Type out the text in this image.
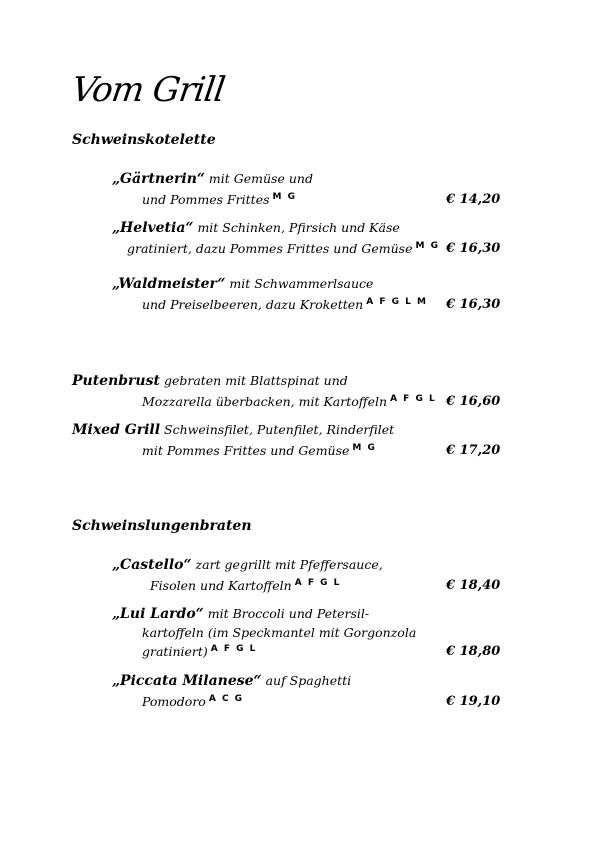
Vom Grill
Schweinskotelette
„Gärtnerin“ mit Gemüse und
und Pommes Frittes $^{M G}$	€ 14,20
„Helvetia“ mit Schinken, Pfirsich und Käse
gratiniert, dazu Pommes Frittes und Gemüse $^{M G}$ € 16,30
„Waldmeister“ mit Schwammerlsauce
und Preiselbeeren, dazu Kroketten $^{A F G L M}$ € 16,30
Putenbrust gebraten mit Blattspinat und
Mozzarella überbacken, mit Kartoffeln $^{A F G L}$ € 16,60
Mixed Grill Schweinsfilet, Putenfilet, Rinderfilet
mit Pommes Frittes und Gemüse $^{M G}$	€ 17,20
Schweinslungenbraten
„Castello“ zart gegrillt mit Pfeffersauce,
Fisolen und Kartoffeln $^{A F G L}$	€ 18,40
„Lui Lardo“ mit Broccoli und Petersil-
kartoffeln (im Speckmantel mit Gorgonzola
gratiniert) $^{A F G L}$	€ 18,80
„Piccata Milanese“ auf Spaghetti
Pomodoro $^{A C G}$	€ 19,10
